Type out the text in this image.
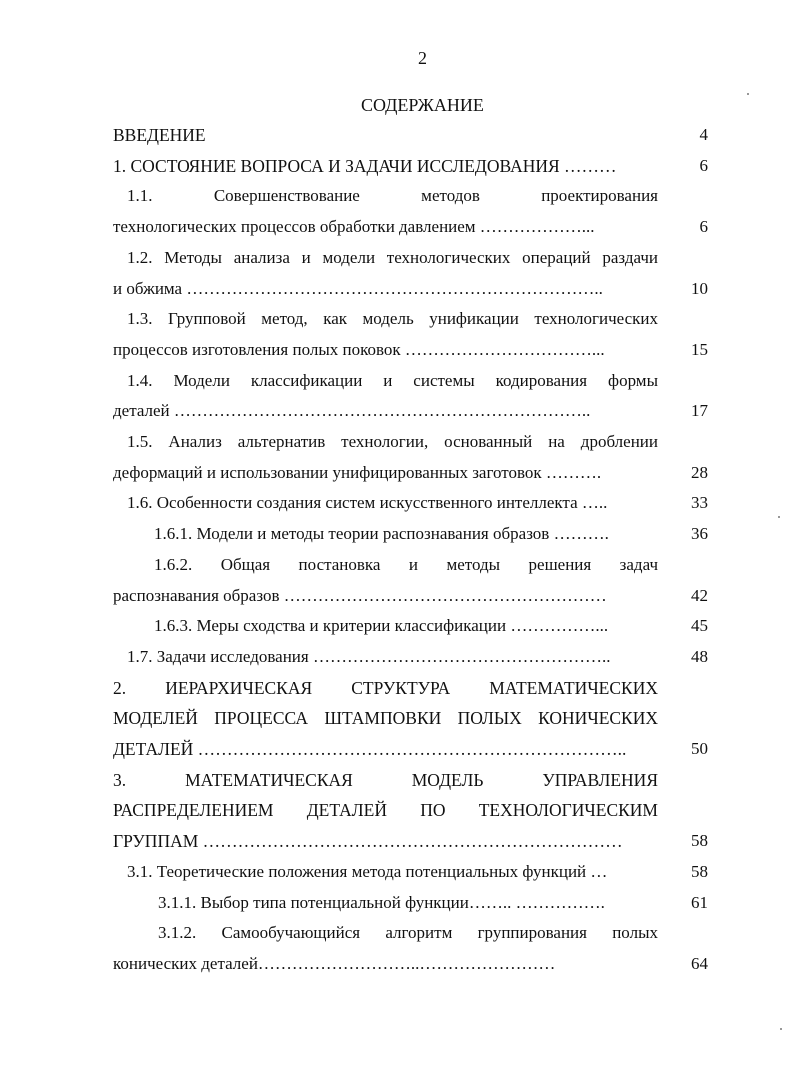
2
СОДЕРЖАНИЕ
ВВЕДЕНИЕ	4
1. СОСТОЯНИЕ ВОПРОСА И ЗАДАЧИ ИССЛЕДОВАНИЯ ………	6
1.1. Совершенствование методов проектирования
технологических процессов обработки давлением ………………...	6
1.2. Методы анализа и модели технологических операций раздачи
и обжима ………………………………………………………………..	10
1.3. Групповой метод, как модель унификации технологических
процессов изготовления полых поковок ……………………………...	15
1.4. Модели классификации и системы кодирования формы
деталей ………………………………………………………………..	17
1.5. Анализ альтернатив технологии, основанный на дроблении
деформаций и использовании унифицированных заготовок ……….	28
1.6. Особенности создания систем искусственного интеллекта …..	33
1.6.1. Модели и методы теории распознавания образов ……….	36
1.6.2. Общая постановка и методы решения задач
распознавания образов …………………………………………………	42
1.6.3. Меры сходства и критерии классификации ……………...	45
1.7. Задачи исследования ……………………………………………..	48
2. ИЕРАРХИЧЕСКАЯ СТРУКТУРА МАТЕМАТИЧЕСКИХ
МОДЕЛЕЙ ПРОЦЕССА ШТАМПОВКИ ПОЛЫХ КОНИЧЕСКИХ
ДЕТАЛЕЙ ………………………………………………………………..	50
3. МАТЕМАТИЧЕСКАЯ МОДЕЛЬ УПРАВЛЕНИЯ
РАСПРЕДЕЛЕНИЕМ ДЕТАЛЕЙ ПО ТЕХНОЛОГИЧЕСКИМ
ГРУППАМ ………………………………………………………………	58
3.1. Теоретические положения метода потенциальных функций …	58
3.1.1. Выбор типа потенциальной функции…….. …………….	61
3.1.2. Самообучающийся алгоритм группирования полых
конических деталей………………………..……………………	64
